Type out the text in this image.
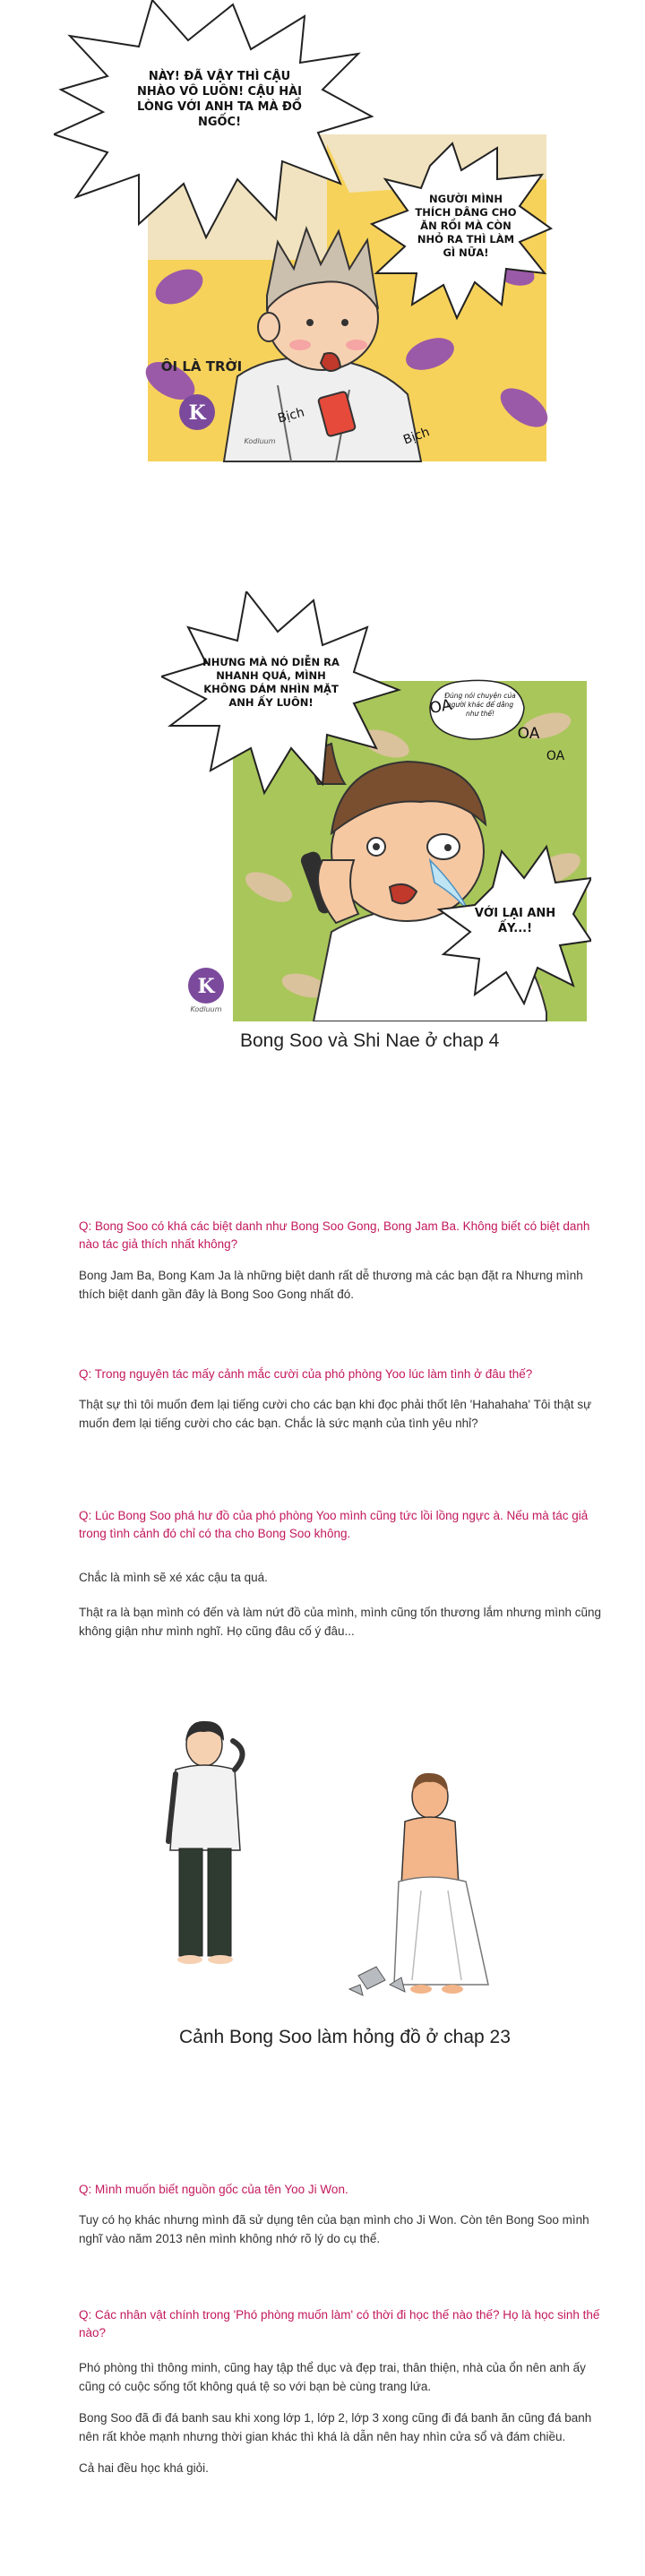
K
NÀY! ĐÃ VẬY THÌ CẬU NHÀO VÔ LUÔN! CẬU HÀI LÒNG VỚI ANH TA MÀ ĐỒ NGỐC!
NGƯỜI MÌNH THÍCH DÂNG CHO ĂN RỒI MÀ CÒN NHỎ RA THÌ LÀM GÌ NỮA!
ÔI LÀ TRỜI
Bịch
Bịch
Kodluum
K
NHƯNG MÀ NÓ DIỄN RA NHANH QUÁ, MÌNH KHÔNG DÁM NHÌN MẶT ANH ẤY LUÔN!
Đúng nói chuyện của người khác để dằng như thế!
OA
OA
OA
VỚI LẠI ANH ẤY...!
Kodluum
Bong Soo và Shi Nae ở chap 4

Q: Bong Soo có khá các biệt danh như Bong Soo Gong, Bong Jam Ba. Không biết có biệt danh nào tác giả thích nhất không?

Bong Jam Ba, Bong Kam Ja là những biệt danh rất dễ thương mà các bạn đặt ra Nhưng mình thích biệt danh gần đây là Bong Soo Gong nhất đó.

Q: Trong nguyên tác mấy cảnh mắc cười của phó phòng Yoo lúc làm tình ở đâu thế?

Thật sự thì tôi muốn đem lại tiếng cười cho các bạn khi đọc phải thốt lên 'Hahahaha' Tôi thật sự muốn đem lại tiếng cười cho các bạn. Chắc là sức mạnh của tình yêu nhỉ?

Q: Lúc Bong Soo phá hư đồ của phó phòng Yoo mình cũng tức lồi lồng ngực à. Nếu mà tác giả trong tình cảnh đó chỉ có tha cho Bong Soo không.

Chắc là mình sẽ xé xác cậu ta quá.

Thật ra là bạn mình có đến và làm nứt đồ của mình, mình cũng tốn thương lắm nhưng mình cũng không giận như mình nghĩ. Họ cũng đâu cố ý đâu...

Cảnh Bong Soo làm hỏng đồ ở chap 23

Q: Mình muốn biết nguồn gốc của tên Yoo Ji Won.

Tuy có họ khác nhưng mình đã sử dụng tên của bạn mình cho Ji Won. Còn tên Bong Soo mình nghĩ vào năm 2013 nên mình không nhớ rõ lý do cụ thể.

Q: Các nhân vật chính trong 'Phó phòng muốn làm' có thời đi học thế nào thế? Họ là học sinh thế nào?

Phó phòng thì thông minh, cũng hay tập thể dục và đẹp trai, thân thiện, nhà của ổn nên anh ấy cũng có cuộc sống tốt không quá tệ so với bạn bè cùng trang lứa.

Bong Soo đã đi đá banh sau khi xong lớp 1, lớp 2, lớp 3 xong cũng đi đá banh ăn cũng đá banh nên rất khỏe mạnh nhưng thời gian khác thì khá là dẫn nên hay nhìn cửa sổ và đám chiều.

Cả hai đều học khá giỏi.
